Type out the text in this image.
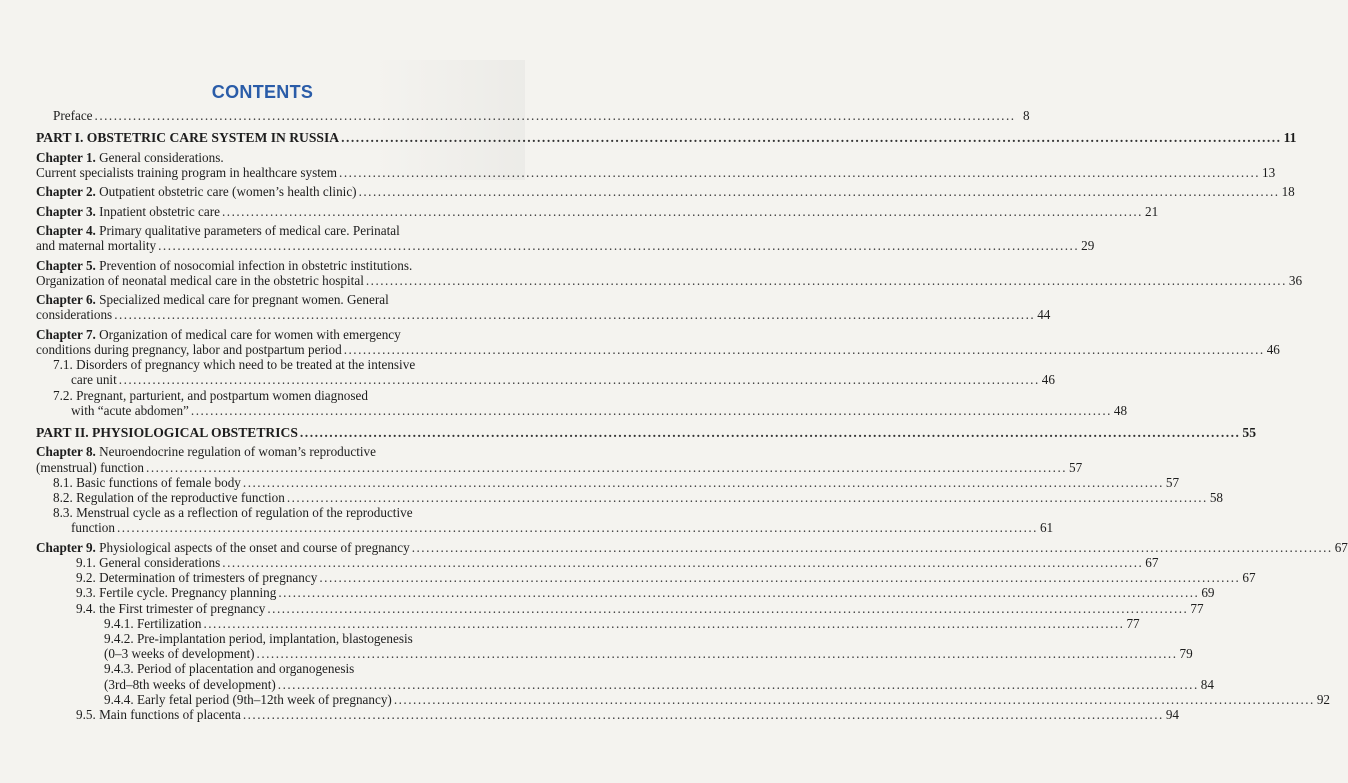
CONTENTS
Preface .....	8
PART I. OBSTETRIC CARE SYSTEM IN RUSSIA .....	11
Chapter 1. General considerations.
Current specialists training program in healthcare system .....	13
Chapter 2. Outpatient obstetric care (women’s health clinic) .....	18
Chapter 3. Inpatient obstetric care .....	21
Chapter 4. Primary qualitative parameters of medical care. Perinatal
and maternal mortality .....	29
Chapter 5. Prevention of nosocomial infection in obstetric institutions.
Organization of neonatal medical care in the obstetric hospital .....	36
Chapter 6. Specialized medical care for pregnant women. General
considerations .....	44
Chapter 7. Organization of medical care for women with emergency
conditions during pregnancy, labor and postpartum period .....	46
7.1. Disorders of pregnancy which need to be treated at the intensive
care unit .....	46
7.2. Pregnant, parturient, and postpartum women diagnosed
with “acute abdomen” .....	48
PART II. PHYSIOLOGICAL OBSTETRICS .....	55
Chapter 8. Neuroendocrine regulation of woman’s reproductive
(menstrual) function .....	57
8.1. Basic functions of female body .....	57
8.2. Regulation of the reproductive function .....	58
8.3. Menstrual cycle as a reflection of regulation of the reproductive
function .....	61
Chapter 9. Physiological aspects of the onset and course of pregnancy .....	67
9.1. General considerations .....	67
9.2. Determination of trimesters of pregnancy .....	67
9.3. Fertile cycle. Pregnancy planning .....	69
9.4. the First trimester of pregnancy .....	77
9.4.1. Fertilization .....	77
9.4.2. Pre-implantation period, implantation, blastogenesis
(0–3 weeks of development) .....	79
9.4.3. Period of placentation and organogenesis
(3rd–8th weeks of development) .....	84
9.4.4. Early fetal period (9th–12th week of pregnancy) .....	92
9.5. Main functions of placenta .....	94
